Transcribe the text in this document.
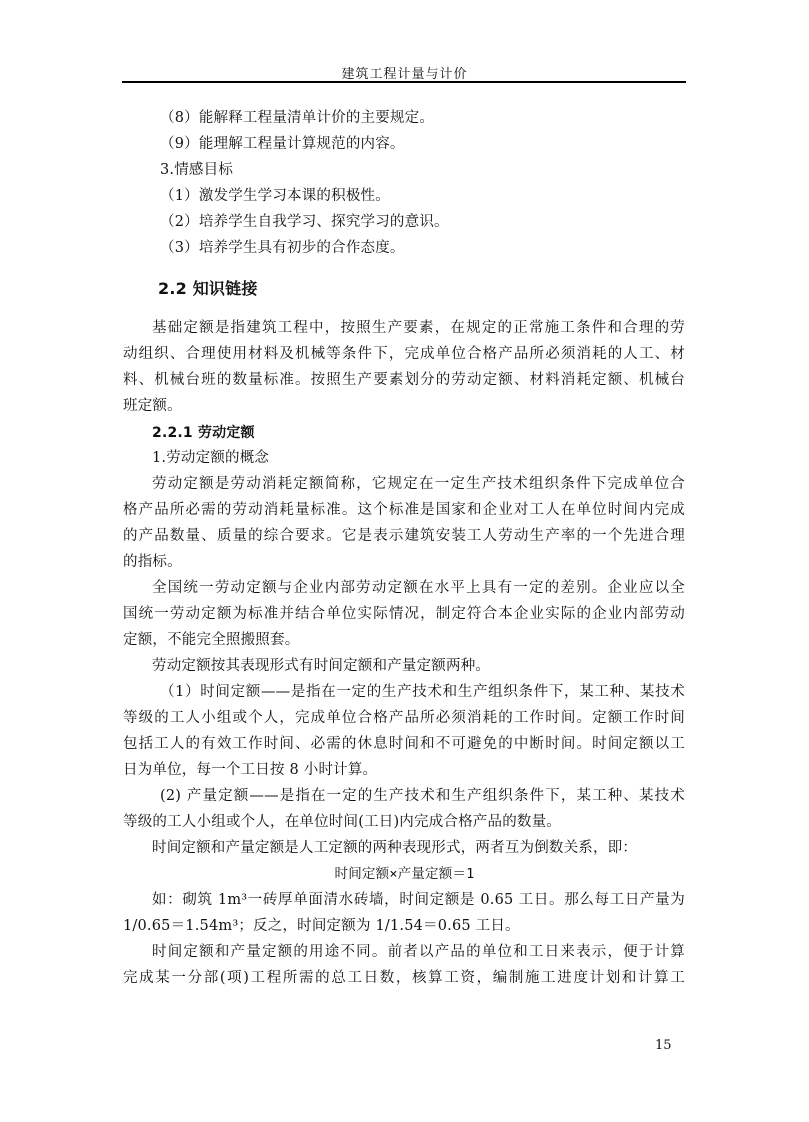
建筑工程计量与计价
（8）能解释工程量清单计价的主要规定。
（9）能理解工程量计算规范的内容。
3.情感目标
（1）激发学生学习本课的积极性。
（2）培养学生自我学习、探究学习的意识。
（3）培养学生具有初步的合作态度。
2.2 知识链接
基础定额是指建筑工程中，按照生产要素，在规定的正常施工条件和合理的劳
动组织、合理使用材料及机械等条件下，完成单位合格产品所必须消耗的人工、材
料、机械台班的数量标准。按照生产要素划分的劳动定额、材料消耗定额、机械台
班定额。
2.2.1 劳动定额
1.劳动定额的概念
劳动定额是劳动消耗定额简称，它规定在一定生产技术组织条件下完成单位合
格产品所必需的劳动消耗量标准。这个标准是国家和企业对工人在单位时间内完成
的产品数量、质量的综合要求。它是表示建筑安装工人劳动生产率的一个先进合理
的指标。
全国统一劳动定额与企业内部劳动定额在水平上具有一定的差别。企业应以全
国统一劳动定额为标准并结合单位实际情况，制定符合本企业实际的企业内部劳动
定额，不能完全照搬照套。
劳动定额按其表现形式有时间定额和产量定额两种。
（1）时间定额——是指在一定的生产技术和生产组织条件下，某工种、某技术
等级的工人小组或个人，完成单位合格产品所必须消耗的工作时间。定额工作时间
包括工人的有效工作时间、必需的休息时间和不可避免的中断时间。时间定额以工
日为单位，每一个工日按 8 小时计算。
(2) 产量定额——是指在一定的生产技术和生产组织条件下，某工种、某技术
等级的工人小组或个人，在单位时间(工日)内完成合格产品的数量。
时间定额和产量定额是人工定额的两种表现形式，两者互为倒数关系，即：
时间定额×产量定额＝1
如：砌筑 1m³一砖厚单面清水砖墙，时间定额是 0.65 工日。那么每工日产量为
1/0.65＝1.54m³；反之，时间定额为 1/1.54＝0.65 工日。
时间定额和产量定额的用途不同。前者以产品的单位和工日来表示，便于计算
完成某一分部(项)工程所需的总工日数，核算工资，编制施工进度计划和计算工
15
